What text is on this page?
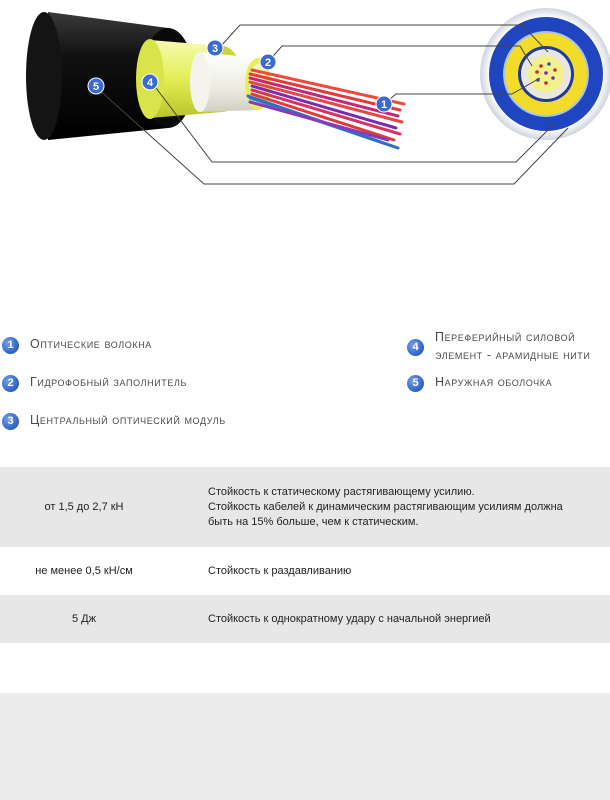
1
2
3
4
5
1	Оптические волокна
2	Гидрофобный заполнитель
3	Центральный оптический модуль
4
Переферийный силовой элемент - арамидные нити
5	Наружная оболочка
от 1,5 до 2,7 кН
Стойкость к статическому растягивающему усилию.
Стойкость кабелей к динамическим растягивающим усилиям должна быть на 15% больше, чем к статическим.
не менее 0,5 кН/см	Стойкость к раздавливанию
5 Дж	Стойкость к однократному удару с начальной энергией
